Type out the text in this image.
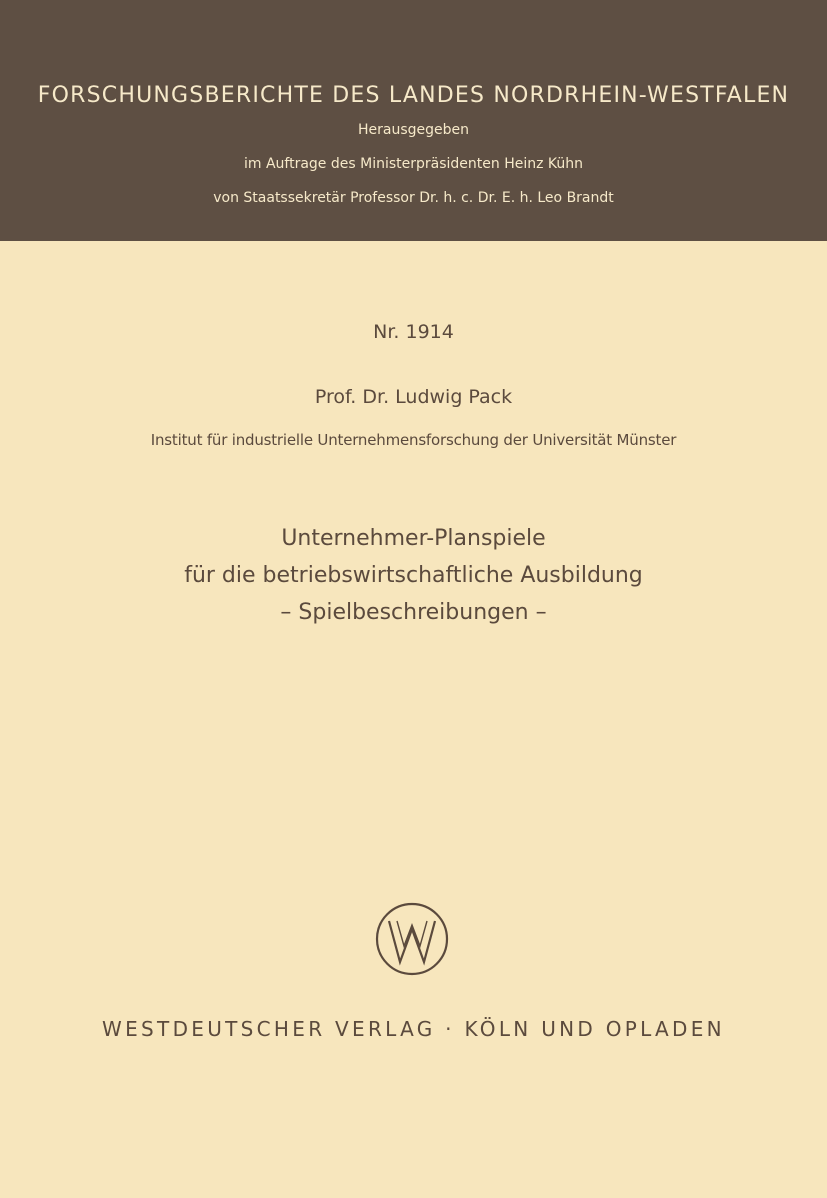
FORSCHUNGSBERICHTE DES LANDES NORDRHEIN-WESTFALEN
Herausgegeben
im Auftrage des Ministerpräsidenten Heinz Kühn
von Staatssekretär Professor Dr. h. c. Dr. E. h. Leo Brandt
Nr. 1914
Prof. Dr. Ludwig Pack
Institut für industrielle Unternehmensforschung der Universität Münster
Unternehmer-Planspiele
für die betriebswirtschaftliche Ausbildung
– Spielbeschreibungen –
WESTDEUTSCHER VERLAG · KÖLN UND OPLADEN
